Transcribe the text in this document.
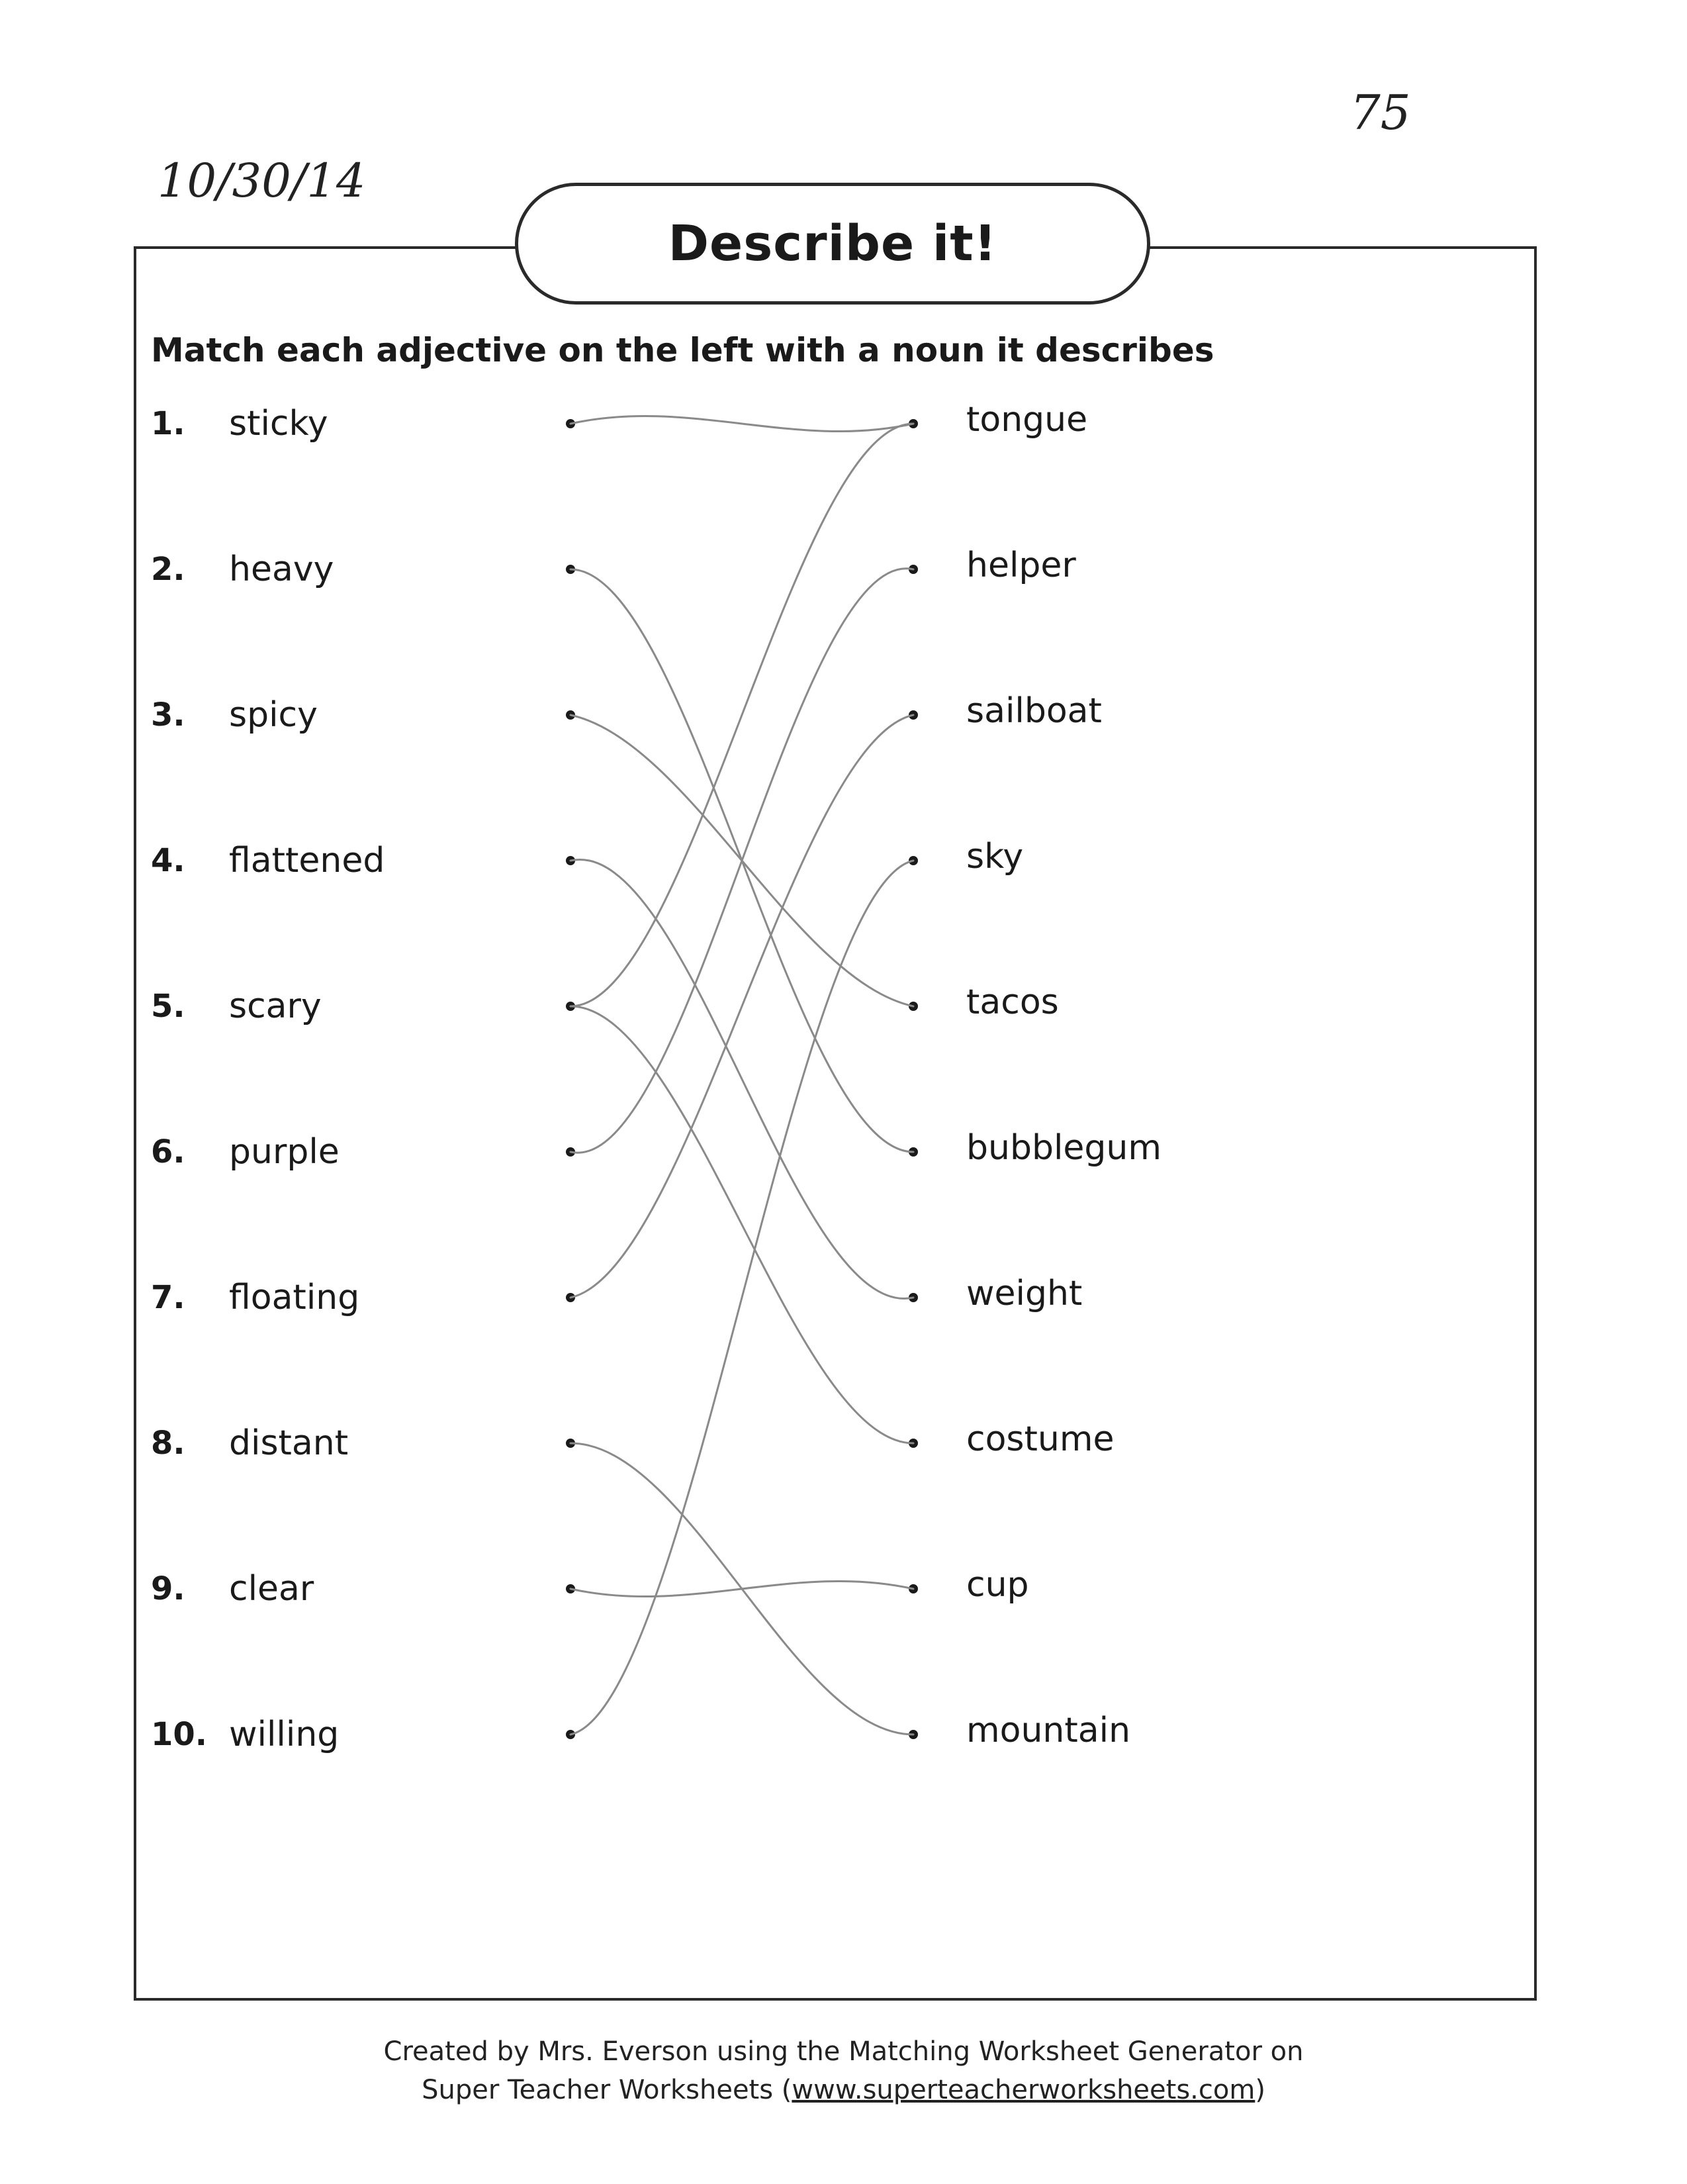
10/30/14
75
Describe it!
Match each adjective on the left with a noun it describes
1.	sticky
2.	heavy
3.	spicy
4.	flattened
5.	scary
6.	purple
7.	floating
8.	distant
9.	clear
10. willing
tongue
helper
sailboat
sky
tacos
bubblegum
weight
costume
cup
mountain
Created by Mrs. Everson using the Matching Worksheet Generator on
Super Teacher Worksheets (www.superteacherworksheets.com)
